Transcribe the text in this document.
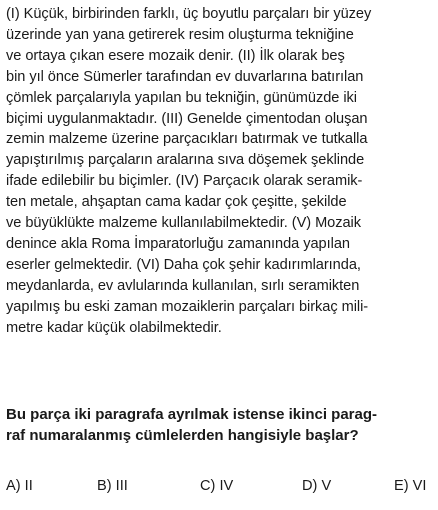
(I) Küçük, birbirinden farklı, üç boyutlu parçaları bir yüzey
üzerinde yan yana getirerek resim oluşturma tekniğine
ve ortaya çıkan esere mozaik denir. (II) İlk olarak beş
bin yıl önce Sümerler tarafından ev duvarlarına batırılan
çömlek parçalarıyla yapılan bu tekniğin, günümüzde iki
biçimi uygulanmaktadır. (III) Genelde çimentodan oluşan
zemin malzeme üzerine parçacıkları batırmak ve tutkalla
yapıştırılmış parçaların aralarına sıva döşemek şeklinde
ifade edilebilir bu biçimler. (IV) Parçacık olarak seramik-
ten metale, ahşaptan cama kadar çok çeşitte, şekilde
ve büyüklükte malzeme kullanılabilmektedir. (V) Mozaik
denince akla Roma İmparatorluğu zamanında yapılan
eserler gelmektedir. (VI) Daha çok şehir kadırımlarında,
meydanlarda, ev avlularında kullanılan, sırlı seramikten
yapılmış bu eski zaman mozaiklerin parçaları birkaç mili-
metre kadar küçük olabilmektedir.
Bu parça iki paragrafa ayrılmak istense ikinci parag-
raf numaralanmış cümlelerden hangisiyle başlar?
A) II	B) III	C) IV	D) V	E) VI
